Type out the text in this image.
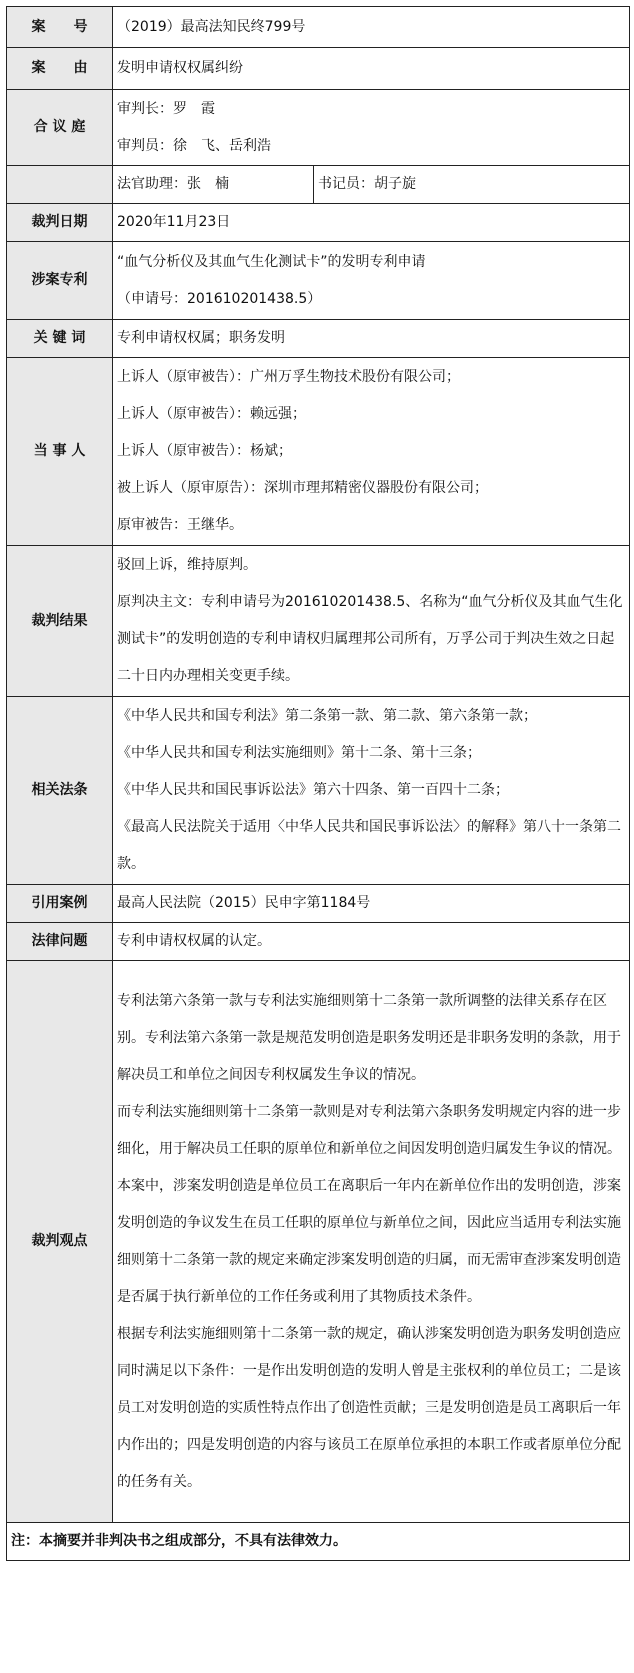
案　　号	（2019）最高法知民终799号
案　　由	发明申请权权属纠纷
合 议 庭	审判长：罗　霞
审判员：徐　飞、岳利浩

	法官助理：张　楠 书记员：胡子旋

裁判日期	2020年11月23日
涉案专利	“血气分析仪及其血气生化测试卡”的发明专利申请
（申请号：201610201438.5）

关 键 词	专利申请权权属；职务发明
当 事 人	上诉人（原审被告）：广州万孚生物技术股份有限公司；
上诉人（原审被告）：赖远强；
上诉人（原审被告）：杨斌；
被上诉人（原审原告）：深圳市理邦精密仪器股份有限公司；
原审被告：王继华。

裁判结果	驳回上诉，维持原判。
原判决主文：专利申请号为201610201438.5、名称为“血气分析仪及其血气生化测试卡”的发明创造的专利申请权归属理邦公司所有，万孚公司于判决生效之日起二十日内办理相关变更手续。

相关法条	《中华人民共和国专利法》第二条第一款、第二款、第六条第一款；
《中华人民共和国专利法实施细则》第十二条、第十三条；
《中华人民共和国民事诉讼法》第六十四条、第一百四十二条；
《最高人民法院关于适用〈中华人民共和国民事诉讼法〉的解释》第八十一条第二款。

引用案例	最高人民法院（2015）民申字第1184号
法律问题	专利申请权权属的认定。
裁判观点	专利法第六条第一款与专利法实施细则第十二条第一款所调整的法律关系存在区别。专利法第六条第一款是规范发明创造是职务发明还是非职务发明的条款，用于解决员工和单位之间因专利权属发生争议的情况。
而专利法实施细则第十二条第一款则是对专利法第六条职务发明规定内容的进一步细化，用于解决员工任职的原单位和新单位之间因发明创造归属发生争议的情况。本案中，涉案发明创造是单位员工在离职后一年内在新单位作出的发明创造，涉案发明创造的争议发生在员工任职的原单位与新单位之间，因此应当适用专利法实施细则第十二条第一款的规定来确定涉案发明创造的归属，而无需审查涉案发明创造是否属于执行新单位的工作任务或利用了其物质技术条件。
根据专利法实施细则第十二条第一款的规定，确认涉案发明创造为职务发明创造应同时满足以下条件：一是作出发明创造的发明人曾是主张权利的单位员工；二是该员工对发明创造的实质性特点作出了创造性贡献；三是发明创造是员工离职后一年内作出的；四是发明创造的内容与该员工在原单位承担的本职工作或者原单位分配的任务有关。

注：本摘要并非判决书之组成部分，不具有法律效力。	
